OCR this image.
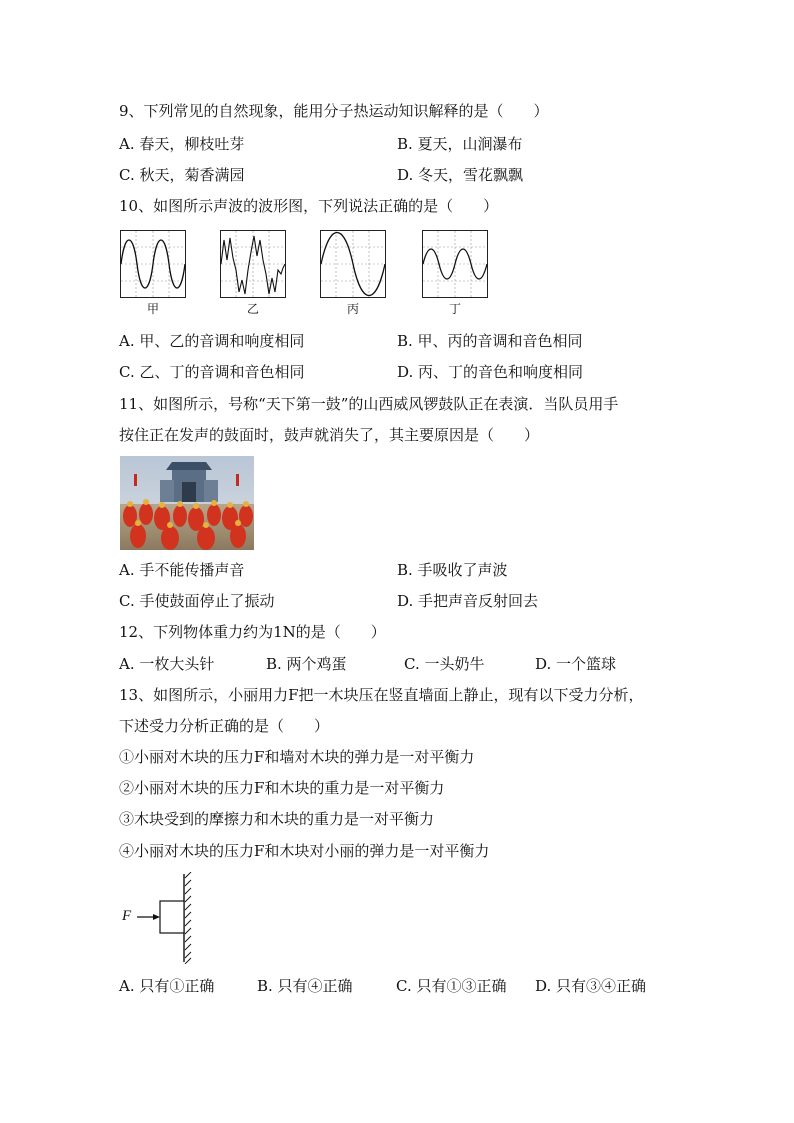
9、下列常见的自然现象，能用分子热运动知识解释的是（　　）
A. 春天，柳枝吐芽	B. 夏天，山涧瀑布
C. 秋天，菊香满园	D. 冬天，雪花飘飘
10、如图所示声波的波形图，下列说法正确的是（　　）
甲	乙	丙	丁
A. 甲、乙的音调和响度相同	B. 甲、丙的音调和音色相同
C. 乙、丁的音调和音色相同	D. 丙、丁的音色和响度相同
11、如图所示，号称“天下第一鼓”的山西威风锣鼓队正在表演．当队员用手
按住正在发声的鼓面时，鼓声就消失了，其主要原因是（　　）
A. 手不能传播声音	B. 手吸收了声波
C. 手使鼓面停止了振动	D. 手把声音反射回去
12、下列物体重力约为1N的是（　　）
A. 一枚大头针	B. 两个鸡蛋	C. 一头奶牛	D. 一个篮球
13、如图所示，小丽用力F把一木块压在竖直墙面上静止，现有以下受力分析，
下述受力分析正确的是（　　）
①小丽对木块的压力F和墙对木块的弹力是一对平衡力
②小丽对木块的压力F和木块的重力是一对平衡力
③木块受到的摩擦力和木块的重力是一对平衡力
④小丽对木块的压力F和木块对小丽的弹力是一对平衡力
F
A. 只有①正确	B. 只有④正确	C. 只有①③正确 D. 只有③④正确
